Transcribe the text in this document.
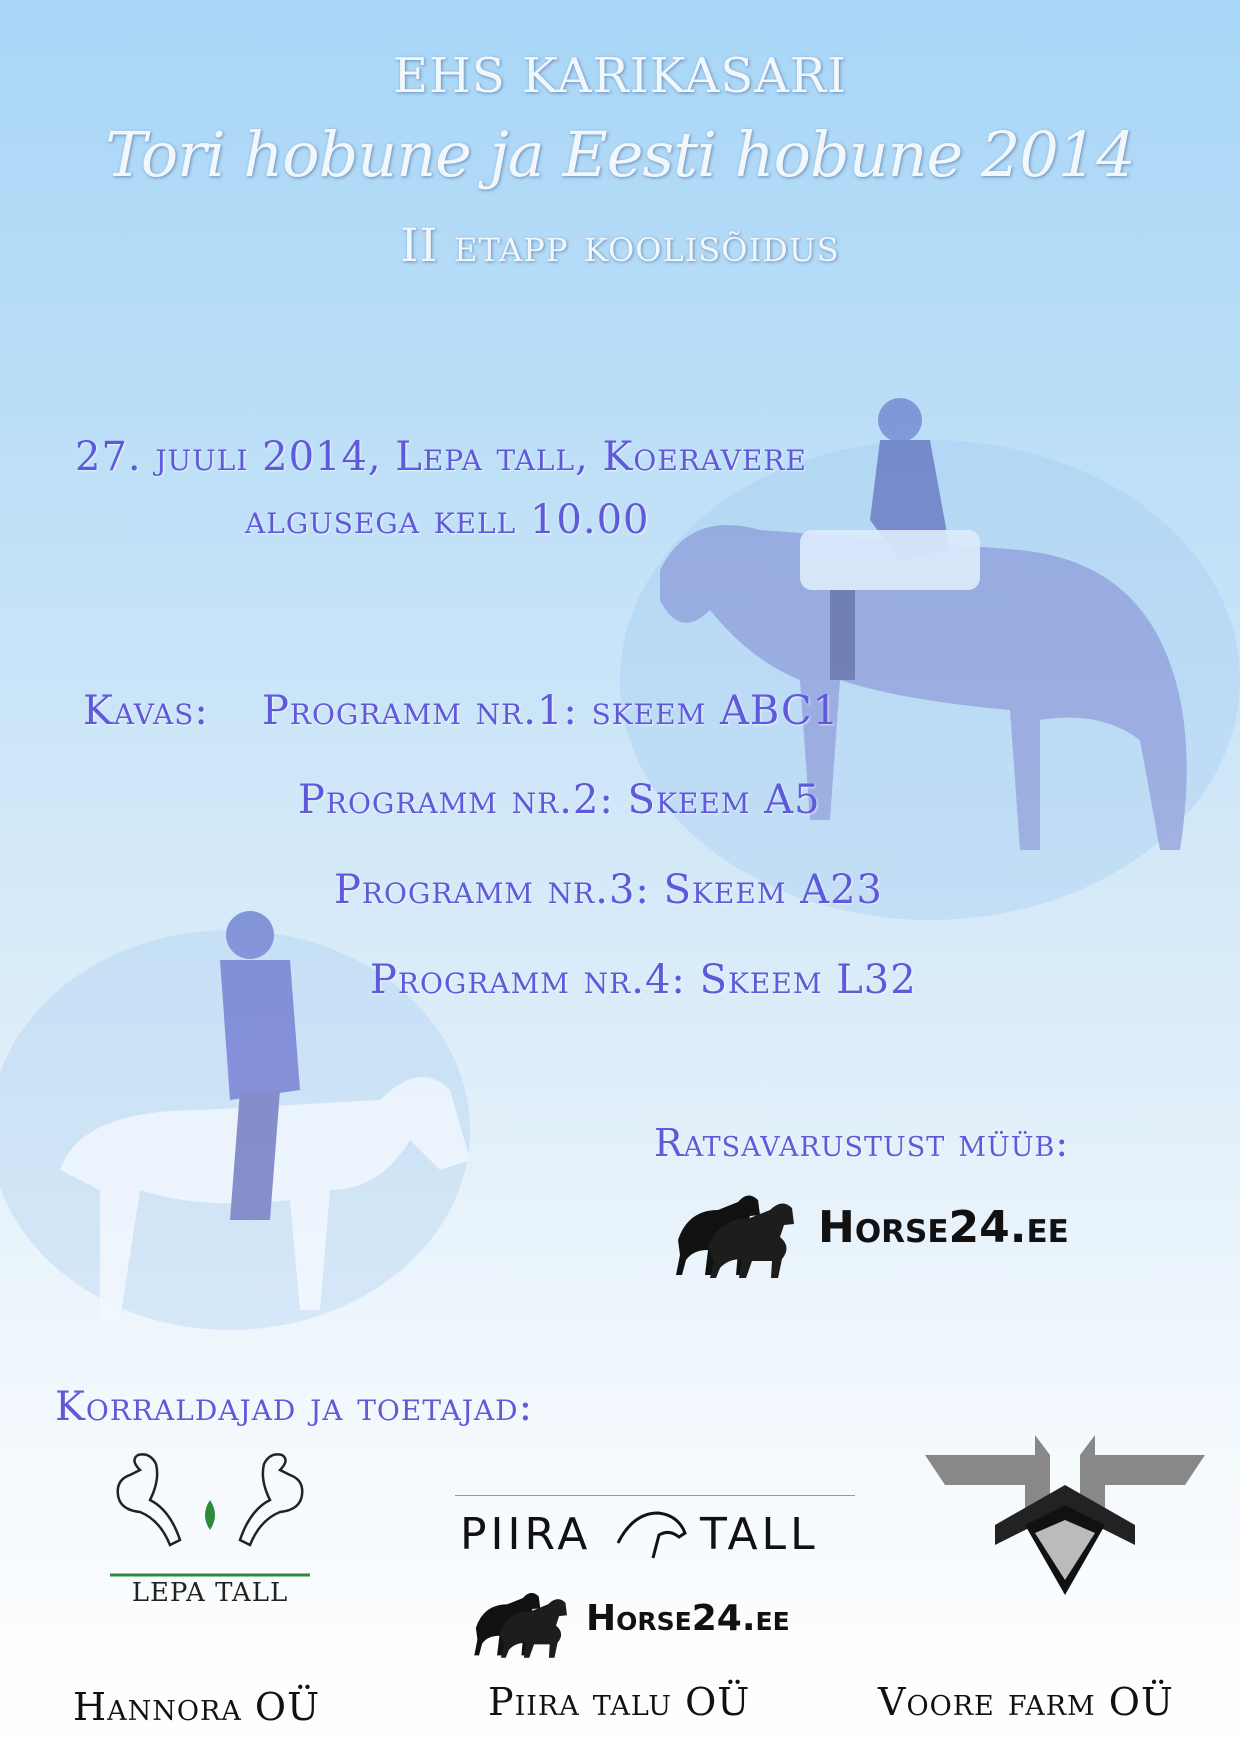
EHS KARIKASARI
Tori hobune ja Eesti hobune 2014
II etapp koolisõidus
27. juuli 2014, Lepa tall, Koeravere
algusega kell 10.00
Kavas: Programm nr.1: skeem ABC1
Programm nr.2: Skeem A5
Programm nr.3: Skeem A23
Programm nr.4: Skeem L32
Ratsavarustust müüb:
Horse24.ee
Korraldajad ja toetajad:
LEPA TALL
PIIRA TALL
Horse24.ee
Hannora OÜ	Piira talu OÜ	Voore farm OÜ
